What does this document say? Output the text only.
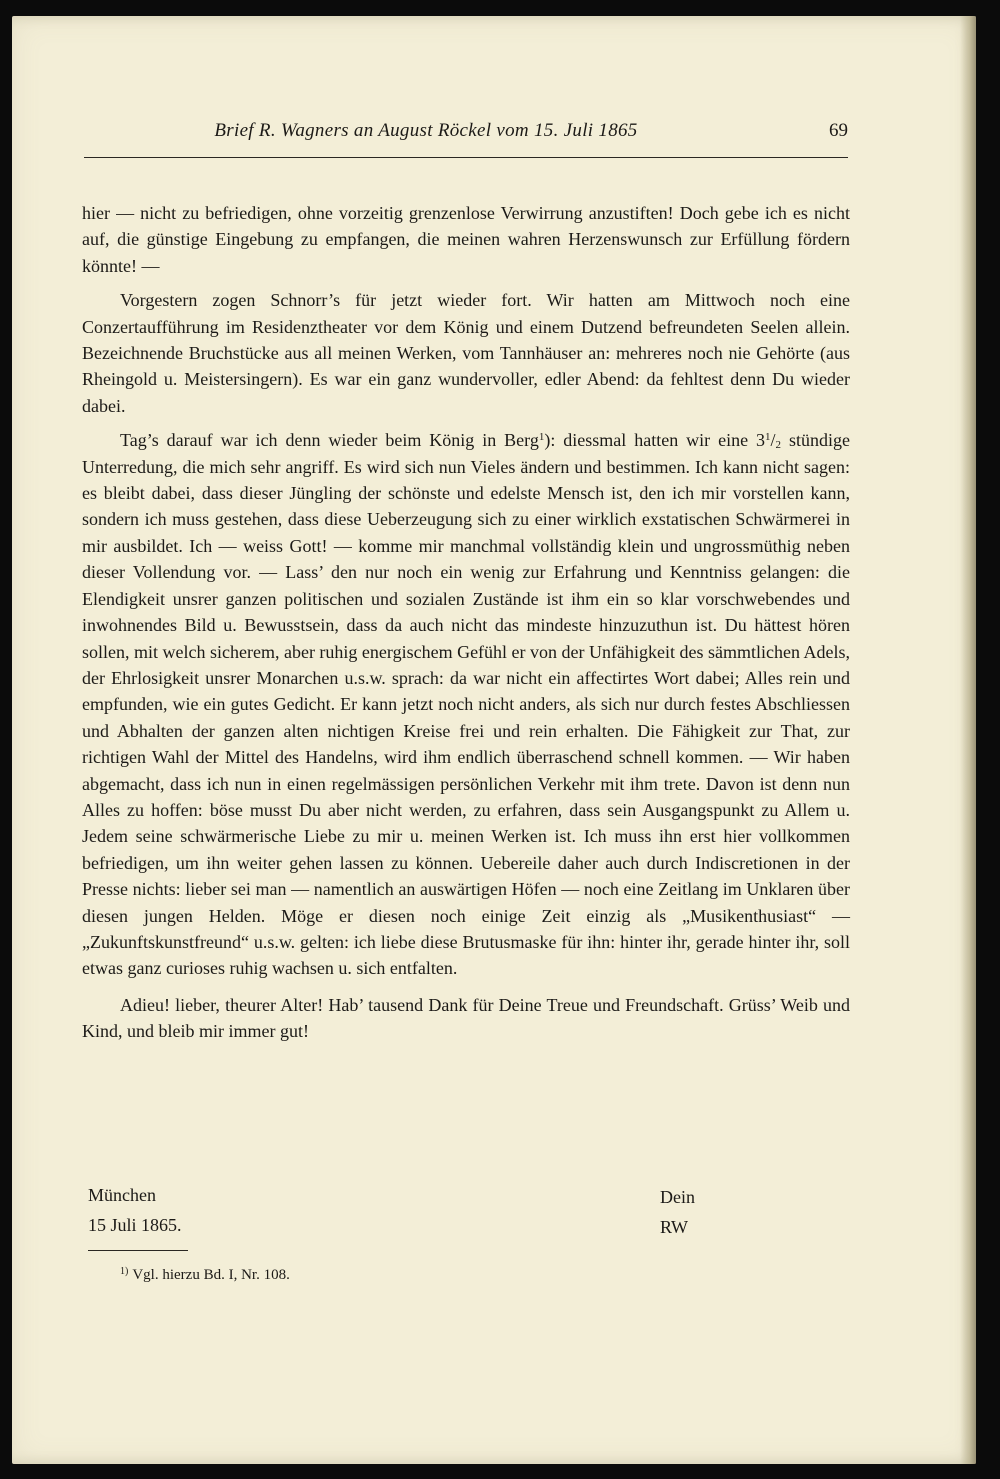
Brief R. Wagners an August Röckel vom 15. Juli 1865	69

hier — nicht zu befriedigen, ohne vorzeitig grenzenlose Verwirrung anzustiften! Doch gebe ich es nicht auf, die günstige Eingebung zu empfangen, die meinen wahren Herzenswunsch zur Erfüllung fördern könnte! —

Vorgestern zogen Schnorr’s für jetzt wieder fort. Wir hatten am Mittwoch noch eine Conzertaufführung im Residenztheater vor dem König und einem Dutzend befreundeten Seelen allein. Bezeichnende Bruchstücke aus all meinen Werken, vom Tannhäuser an: mehreres noch nie Gehörte (aus Rheingold u. Meistersingern). Es war ein ganz wundervoller, edler Abend: da fehltest denn Du wieder dabei.

Tag’s darauf war ich denn wieder beim König in Berg$^1$): diessmal hatten wir eine $3^1/_2$ stündige Unterredung, die mich sehr angriff. Es wird sich nun Vieles ändern und bestimmen. Ich kann nicht sagen: es bleibt dabei, dass dieser Jüngling der schönste und edelste Mensch ist, den ich mir vorstellen kann, sondern ich muss gestehen, dass diese Ueberzeugung sich zu einer wirklich exstatischen Schwärmerei in mir ausbildet. Ich — weiss Gott! — komme mir manchmal vollständig klein und ungrossmüthig neben dieser Vollendung vor. — Lass’ den nur noch ein wenig zur Erfahrung und Kenntniss gelangen: die Elendigkeit unsrer ganzen politischen und sozialen Zustände ist ihm ein so klar vorschwebendes und inwohnendes Bild u. Bewusstsein, dass da auch nicht das mindeste hinzuzuthun ist. Du hättest hören sollen, mit welch sicherem, aber ruhig energischem Gefühl er von der Unfähigkeit des sämmtlichen Adels, der Ehrlosigkeit unsrer Monarchen u.s.w. sprach: da war nicht ein affectirtes Wort dabei; Alles rein und empfunden, wie ein gutes Gedicht. Er kann jetzt noch nicht anders, als sich nur durch festes Abschliessen und Abhalten der ganzen alten nichtigen Kreise frei und rein erhalten. Die Fähigkeit zur That, zur richtigen Wahl der Mittel des Handelns, wird ihm endlich überraschend schnell kommen. — Wir haben abgemacht, dass ich nun in einen regelmässigen persönlichen Verkehr mit ihm trete. Davon ist denn nun Alles zu hoffen: böse musst Du aber nicht werden, zu erfahren, dass sein Ausgangspunkt zu Allem u. Jedem seine schwärmerische Liebe zu mir u. meinen Werken ist. Ich muss ihn erst hier vollkommen befriedigen, um ihn weiter gehen lassen zu können. Uebereile daher auch durch Indiscretionen in der Presse nichts: lieber sei man — namentlich an auswärtigen Höfen — noch eine Zeitlang im Unklaren über diesen jungen Helden. Möge er diesen noch einige Zeit einzig als „Musikenthusiast“ — „Zukunftskunstfreund“ u.s.w. gelten: ich liebe diese Brutusmaske für ihn: hinter ihr, gerade hinter ihr, soll etwas ganz curioses ruhig wachsen u. sich entfalten.

Adieu! lieber, theurer Alter! Hab’ tausend Dank für Deine Treue und Freundschaft. Grüss’ Weib und Kind, und bleib mir immer gut!

München
15 Juli 1865.
Dein
RW
$^{1)}$ Vgl. hierzu Bd. I, Nr. 108.
